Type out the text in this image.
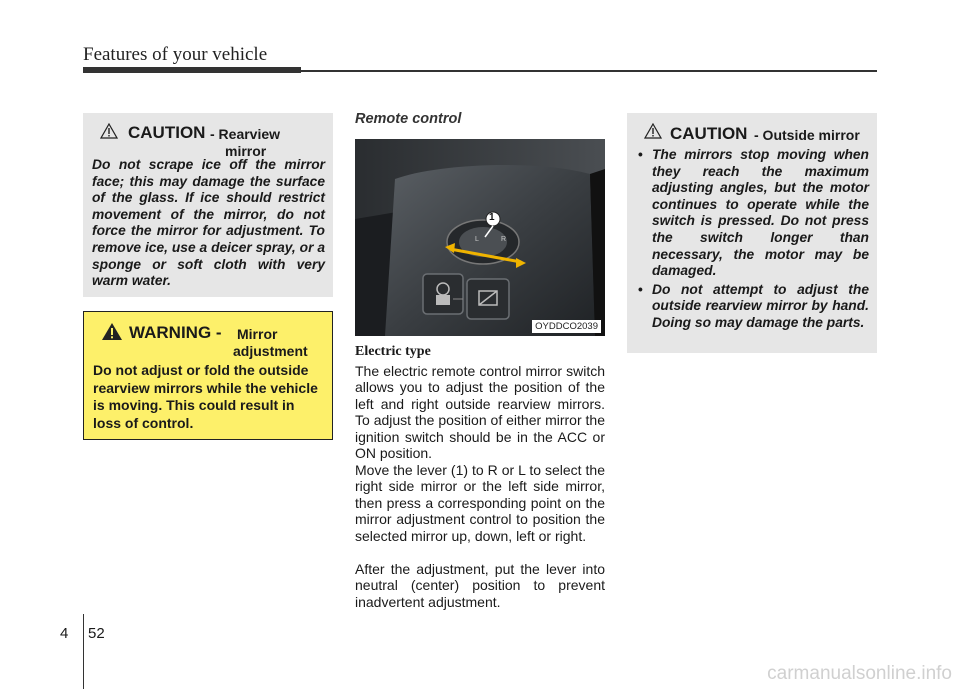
Features of your vehicle
CAUTION - Rearview
mirror

Do not scrape ice off the mirror face; this may damage the surface of the glass. If ice should restrict movement of the mirror, do not force the mirror for adjustment. To remove ice, use a deicer spray, or a sponge or soft cloth with very warm water.

WARNING - Mirror
adjustment

Do not adjust or fold the outside rearview mirrors while the vehicle is moving. This could result in loss of control.

Remote control
L	R
1
OYDDCO2039
Electric type

The electric remote control mirror switch allows you to adjust the position of the left and right outside rearview mirrors. To adjust the position of either mirror the ignition switch should be in the ACC or ON position.

Move the lever (1) to R or L to select the right side mirror or the left side mirror, then press a corresponding point on the mirror adjustment control to position the selected mirror up, down, left or right.

After the adjustment, put the lever into neutral (center) position to prevent inadvertent adjustment.

CAUTION - Outside mirror
• The mirrors stop moving when they reach the maximum adjusting angles, but the motor continues to operate while the switch is pressed. Do not press the switch longer than necessary, the motor may be damaged.
• Do not attempt to adjust the outside rearview mirror by hand. Doing so may damage the parts.
4 52
carmanualsonline.info
